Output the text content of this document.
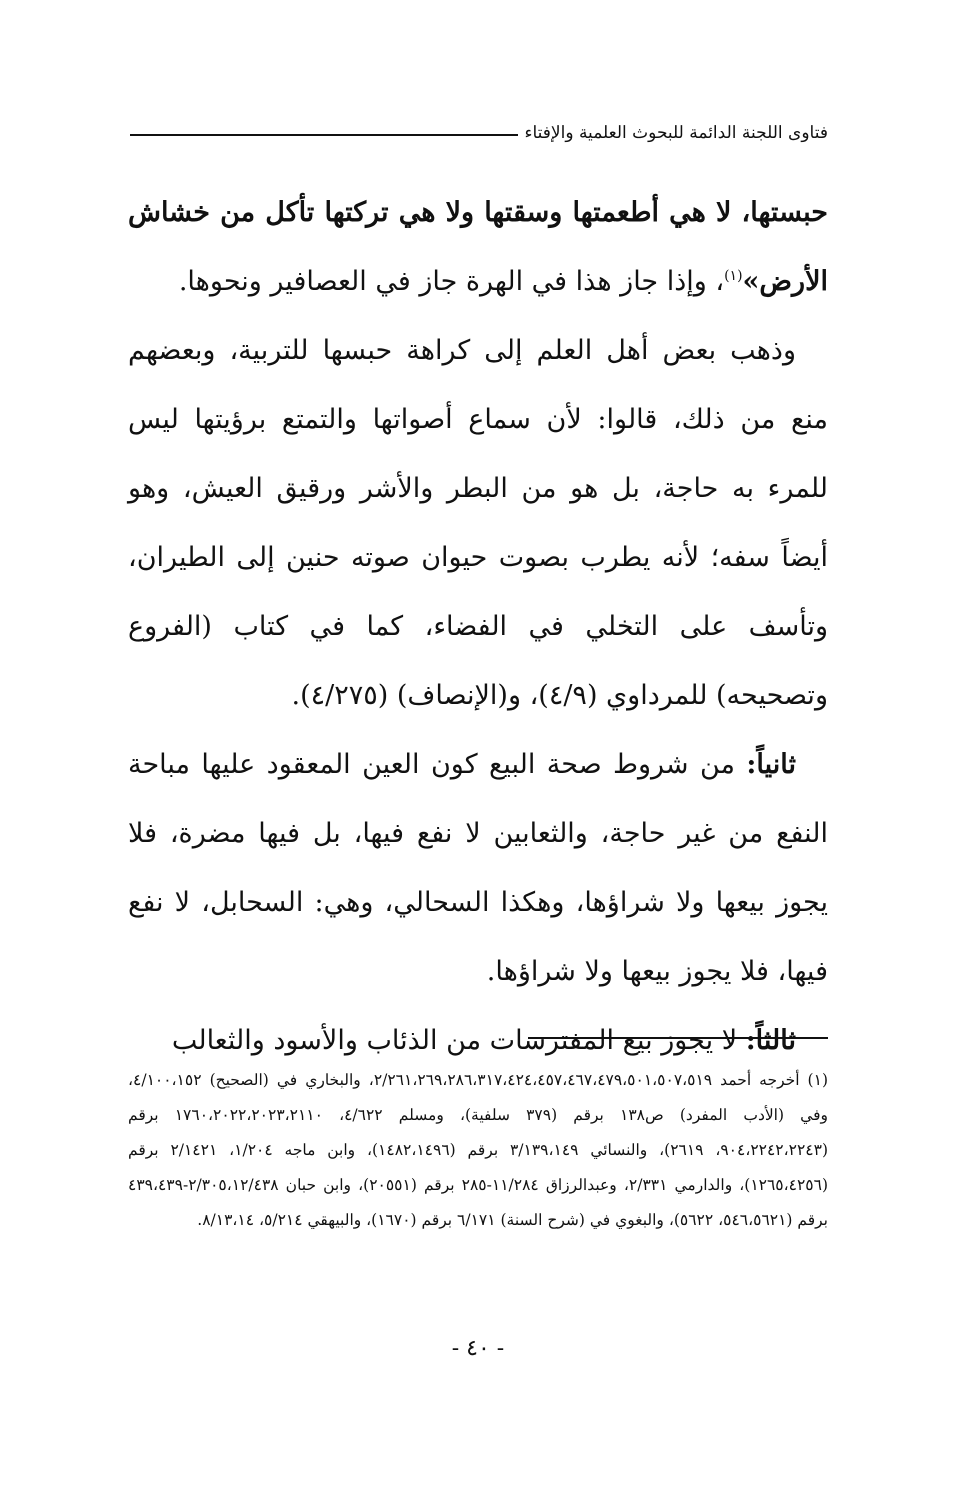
فتاوى اللجنة الدائمة للبحوث العلمية والإفتاء

حبستها، لا هي أطعمتها وسقتها ولا هي تركتها تأكل من خشاش الأرض»$^{(١)}$، وإذا جاز هذا في الهرة جاز في العصافير ونحوها.

وذهب بعض أهل العلم إلى كراهة حبسها للتربية، وبعضهم منع من ذلك، قالوا: لأن سماع أصواتها والتمتع برؤيتها ليس للمرء به حاجة، بل هو من البطر والأشر ورقيق العيش، وهو أيضاً سفه؛ لأنه يطرب بصوت حيوان صوته حنين إلى الطيران، وتأسف على التخلي في الفضاء، كما في كتاب (الفروع وتصحيحه) للمرداوي (٤/٩)، و(الإنصاف) (٤/٢٧٥).

ثانياً: من شروط صحة البيع كون العين المعقود عليها مباحة النفع من غير حاجة، والثعابين لا نفع فيها، بل فيها مضرة، فلا يجوز بيعها ولا شراؤها، وهكذا السحالي، وهي: السحابل، لا نفع فيها، فلا يجوز بيعها ولا شراؤها.

ثالثاً: لا يجوز بيع المفترسات من الذئاب والأسود والثعالب

(١) أخرجه أحمد ٢/٢٦١،٢٦٩،٢٨٦،٣١٧،٤٢٤،٤٥٧،٤٦٧،٤٧٩،٥٠١،٥٠٧،٥١٩، والبخاري في (الصحيح) ٤/١٠٠،١٥٢، وفي (الأدب المفرد) ص١٣٨ برقم (٣٧٩ سلفية)، ومسلم ٤/٦٢٢، ١٧٦٠،٢٠٢٢،٢٠٢٣،٢١١٠ برقم (٩٠٤،٢٢٤٢،٢٢٤٣، ٢٦١٩)، والنسائي ٣/١٣٩،١٤٩ برقم (١٤٨٢،١٤٩٦)، وابن ماجه ١/٢٠٤، ٢/١٤٢١ برقم (١٢٦٥،٤٢٥٦)، والدارمي ٢/٣٣١، وعبدالرزاق ١١/٢٨٤-٢٨٥ برقم (٢٠٥٥١)، وابن حبان ٢/٣٠٥،١٢/٤٣٨-٤٣٩،٤٣٩ برقم (٥٤٦،٥٦٢١، ٥٦٢٢)، والبغوي في (شرح السنة) ٦/١٧١ برقم (١٦٧٠)، والبيهقي ٥/٢١٤، ٨/١٣،١٤.
- ٤٠ -
